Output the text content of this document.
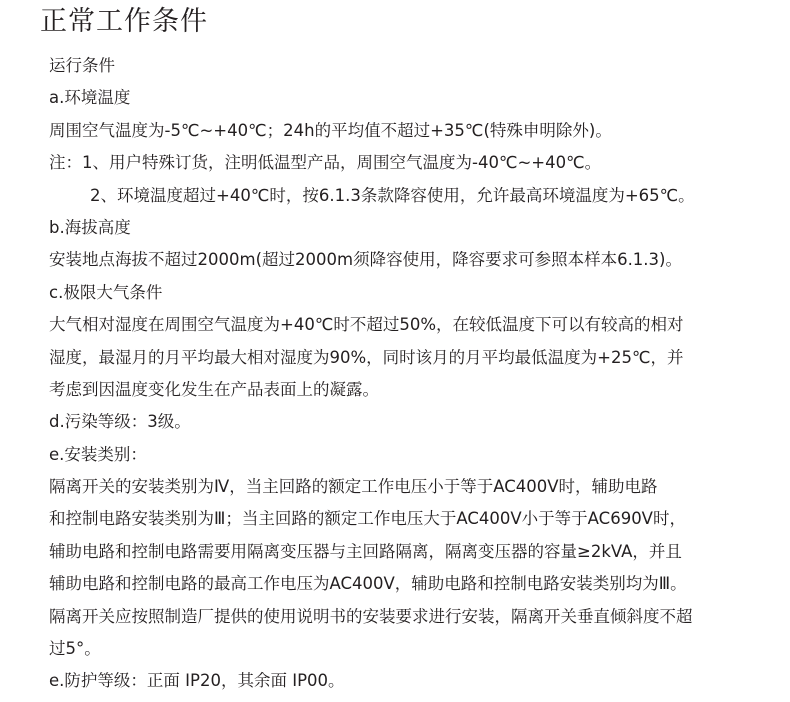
正常工作条件

运行条件

a.环境温度

周围空气温度为-5℃~+40℃；24h的平均值不超过+35℃(特殊申明除外)。

注：1、用户特殊订货，注明低温型产品，周围空气温度为-40℃~+40℃。

2、环境温度超过+40℃时，按6.1.3条款降容使用，允许最高环境温度为+65℃。

b.海拔高度

安装地点海拔不超过2000m(超过2000m须降容使用，降容要求可参照本样本6.1.3)。

c.极限大气条件

大气相对湿度在周围空气温度为+40℃时不超过50%，在较低温度下可以有较高的相对

湿度，最湿月的月平均最大相对湿度为90%，同时该月的月平均最低温度为+25℃，并

考虑到因温度变化发生在产品表面上的凝露。

d.污染等级：3级。

e.安装类别：

隔离开关的安装类别为Ⅳ，当主回路的额定工作电压小于等于AC400V时，辅助电路

和控制电路安装类别为Ⅲ；当主回路的额定工作电压大于AC400V小于等于AC690V时，

辅助电路和控制电路需要用隔离变压器与主回路隔离，隔离变压器的容量≥2kVA，并且

辅助电路和控制电路的最高工作电压为AC400V，辅助电路和控制电路安装类别均为Ⅲ。

隔离开关应按照制造厂提供的使用说明书的安装要求进行安装，隔离开关垂直倾斜度不超

过5°。

e.防护等级：正面 IP20，其余面 IP00。
